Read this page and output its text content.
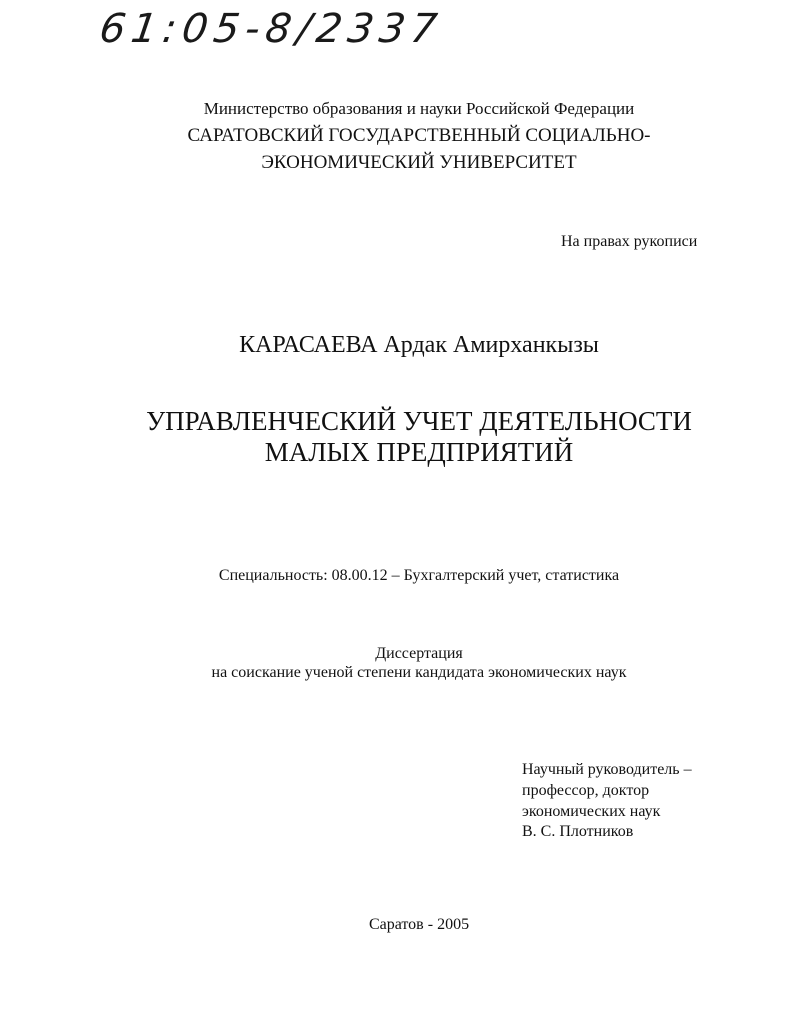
61:05-8/2337
Министерство образования и науки Российской Федерации
САРАТОВСКИЙ ГОСУДАРСТВЕННЫЙ СОЦИАЛЬНО-
ЭКОНОМИЧЕСКИЙ УНИВЕРСИТЕТ
На правах рукописи
КАРАСАЕВА Ардак Амирханкызы
УПРАВЛЕНЧЕСКИЙ УЧЕТ ДЕЯТЕЛЬНОСТИ
МАЛЫХ ПРЕДПРИЯТИЙ
Специальность: 08.00.12 – Бухгалтерский учет, статистика
Диссертация
на соискание ученой степени кандидата экономических наук
Научный руководитель –
профессор, доктор
экономических наук
В. С. Плотников
Саратов - 2005
